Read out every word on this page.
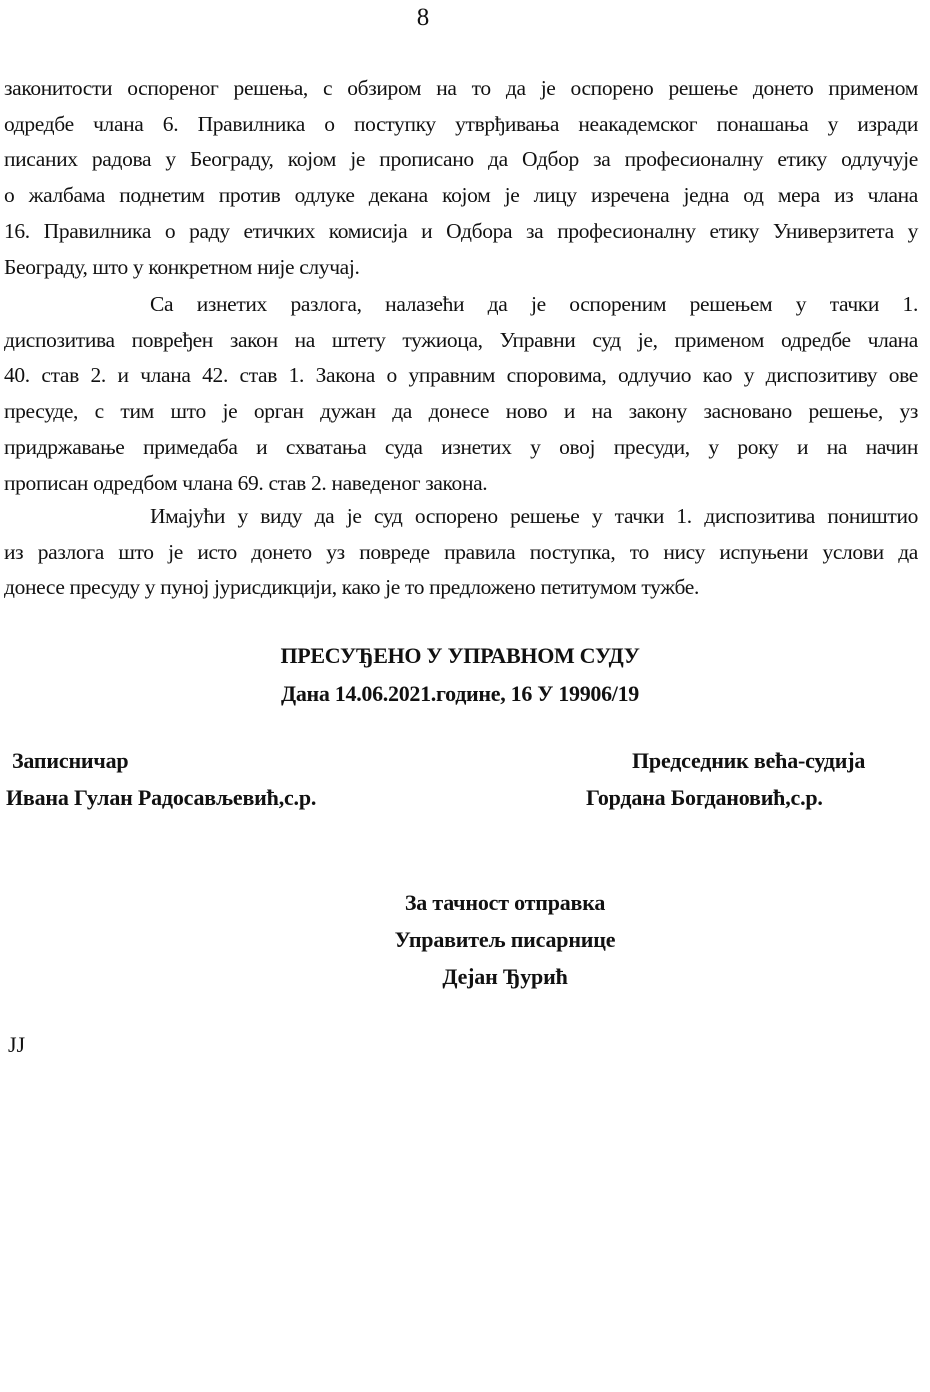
8
законитости оспореног решења, с обзиром на то да је оспорено решење донето применом
одредбе члана 6. Правилника о поступку утврђивања неакадемског понашања у изради
писаних радова у Београду, којом је прописано да Одбор за професионалну етику одлучује
о жалбама поднетим против одлуке декана којом је лицу изречена једна од мера из члана
16. Правилника о раду етичких комисија и Одбора за професионалну етику Универзитета у
Београду, што у конкретном није случај.
Са изнетих разлога, налазећи да је оспореним решењем у тачки 1.
диспозитива повређен закон на штету тужиоца, Управни суд је, применом одредбе члана
40. став 2. и члана 42. став 1. Закона о управним споровима, одлучио као у диспозитиву ове
пресуде, с тим што је орган дужан да донесе ново и на закону засновано решење, уз
придржавање примедаба и схватања суда изнетих у овој пресуди, у року и на начин
прописан одредбом члана 69. став 2. наведеног закона.
Имајући у виду да је суд оспорено решење у тачки 1. диспозитива поништио
из разлога што је исто донето уз повреде правила поступка, то нису испуњени услови да
донесе пресуду у пуној јурисдикцији, како је то предложено петитумом тужбе.
ПРЕСУЂЕНО У УПРАВНОМ СУДУ
Дана 14.06.2021.године, 16 У 19906/19
Записничар
Ивана Гулан Радосављевић,с.р.
Председник већа-судија
Гордана Богдановић,с.р.
За тачност отправка
Управитељ писарнице
Дејан Ђурић
JJ
